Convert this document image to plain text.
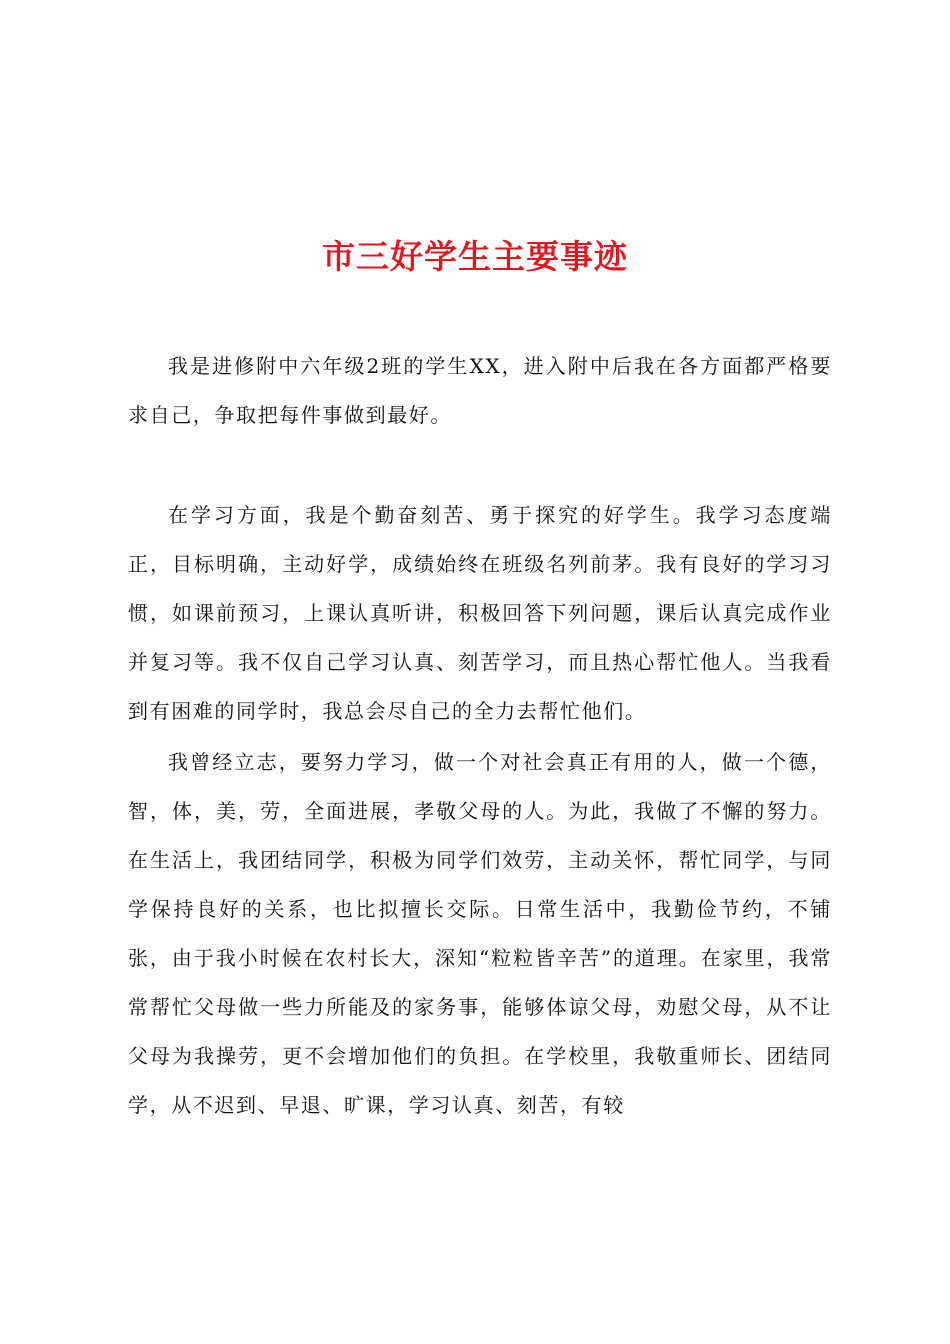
市三好学生主要事迹

我是进修附中六年级2班的学生XX，进入附中后我在各方面都严格要求自己，争取把每件事做到最好。

在学习方面，我是个勤奋刻苦、勇于探究的好学生。我学习态度端正，目标明确，主动好学，成绩始终在班级名列前茅。我有良好的学习习惯，如课前预习，上课认真听讲，积极回答下列问题，课后认真完成作业并复习等。我不仅自己学习认真、刻苦学习，而且热心帮忙他人。当我看到有困难的同学时，我总会尽自己的全力去帮忙他们。

我曾经立志，要努力学习，做一个对社会真正有用的人，做一个德，智，体，美，劳，全面进展，孝敬父母的人。为此，我做了不懈的努力。在生活上，我团结同学，积极为同学们效劳，主动关怀，帮忙同学，与同学保持良好的关系，也比拟擅长交际。日常生活中，我勤俭节约，不铺张，由于我小时候在农村长大，深知“粒粒皆辛苦”的道理。在家里，我常常帮忙父母做一些力所能及的家务事，能够体谅父母，劝慰父母，从不让父母为我操劳，更不会增加他们的负担。在学校里，我敬重师长、团结同学，从不迟到、早退、旷课，学习认真、刻苦，有较
